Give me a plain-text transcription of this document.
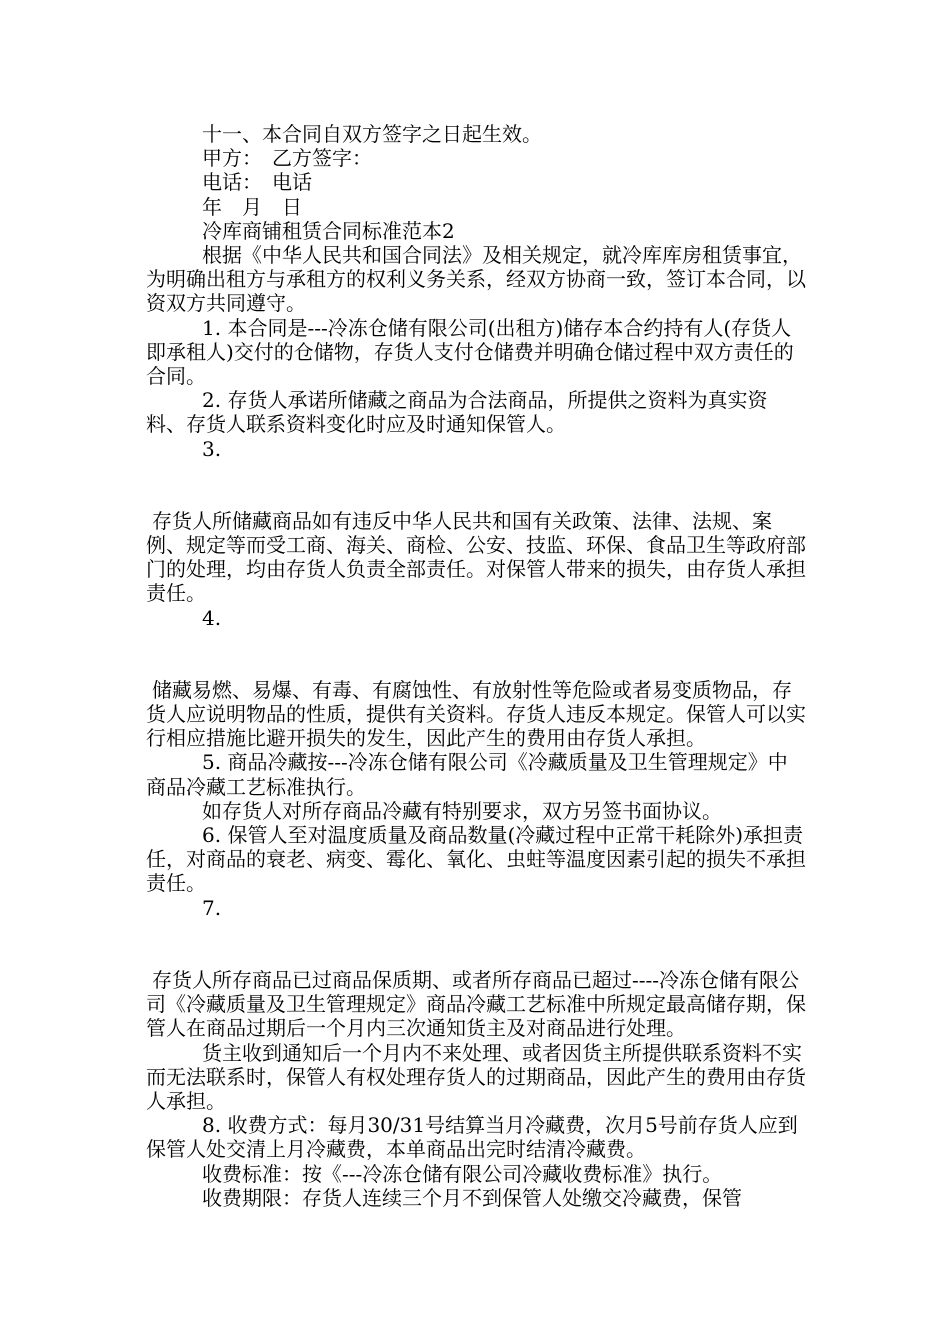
十一、本合同自双方签字之日起生效。

甲方：　乙方签字：

电话：　电话

年　月　日

冷库商铺租赁合同标准范本2

根据《中华人民共和国合同法》及相关规定，就冷库库房租赁事宜，为明确出租方与承租方的权利义务关系，经双方协商一致，签订本合同，以资双方共同遵守。

1. 本合同是---冷冻仓储有限公司(出租方)储存本合约持有人(存货人即承租人)交付的仓储物，存货人支付仓储费并明确仓储过程中双方责任的合同。

2. 存货人承诺所储藏之商品为合法商品，所提供之资料为真实资料、存货人联系资料变化时应及时通知保管人。

3.

存货人所储藏商品如有违反中华人民共和国有关政策、法律、法规、案例、规定等而受工商、海关、商检、公安、技监、环保、食品卫生等政府部门的处理，均由存货人负责全部责任。对保管人带来的损失，由存货人承担责任。

4.

储藏易燃、易爆、有毒、有腐蚀性、有放射性等危险或者易变质物品，存货人应说明物品的性质，提供有关资料。存货人违反本规定。保管人可以实行相应措施比避开损失的发生，因此产生的费用由存货人承担。

5. 商品冷藏按---冷冻仓储有限公司《冷藏质量及卫生管理规定》中商品冷藏工艺标准执行。

如存货人对所存商品冷藏有特别要求，双方另签书面协议。

6. 保管人至对温度质量及商品数量(冷藏过程中正常干耗除外)承担责任，对商品的衰老、病变、霉化、氧化、虫蛀等温度因素引起的损失不承担责任。

7.

存货人所存商品已过商品保质期、或者所存商品已超过----冷冻仓储有限公司《冷藏质量及卫生管理规定》商品冷藏工艺标准中所规定最高储存期，保管人在商品过期后一个月内三次通知货主及对商品进行处理。

货主收到通知后一个月内不来处理、或者因货主所提供联系资料不实而无法联系时，保管人有权处理存货人的过期商品，因此产生的费用由存货人承担。

8. 收费方式：每月30/31号结算当月冷藏费，次月5号前存货人应到保管人处交清上月冷藏费，本单商品出完时结清冷藏费。

收费标准：按《---冷冻仓储有限公司冷藏收费标准》执行。

收费期限：存货人连续三个月不到保管人处缴交冷藏费，保管
